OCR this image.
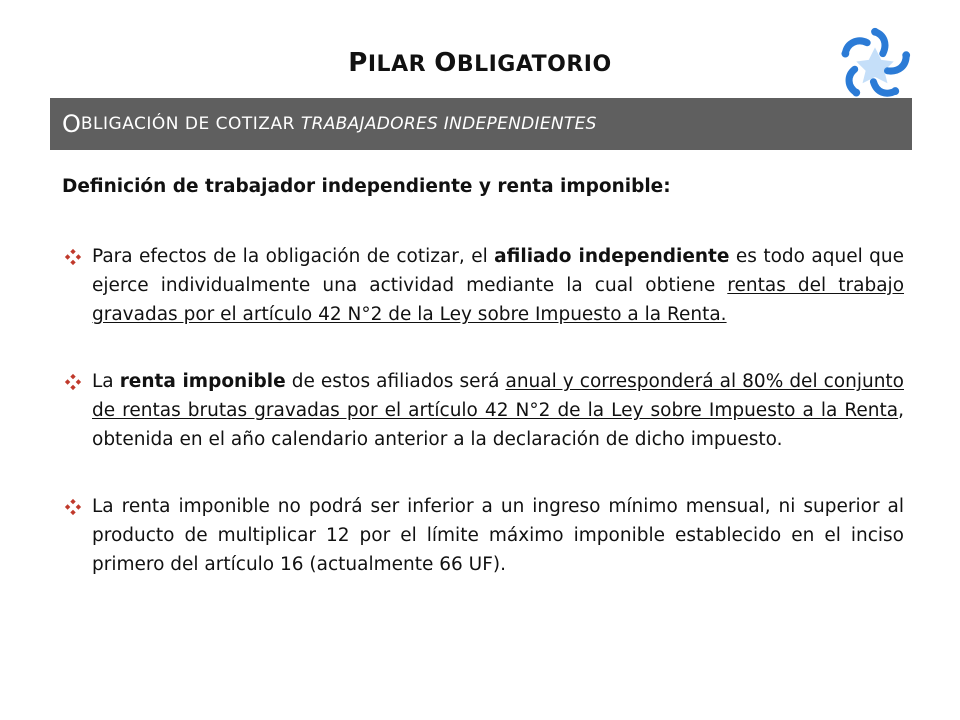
PILAR OBLIGATORIO
O BLIGACIÓN DE COTIZAR TRABAJADORES INDEPENDIENTES
Definición de trabajador independiente y renta imponible:

Para efectos de la obligación de cotizar, el afiliado independiente es todo aquel que ejerce individualmente una actividad mediante la cual obtiene rentas del trabajo gravadas por el artículo 42 N°2 de la Ley sobre Impuesto a la Renta.

La renta imponible de estos afiliados será anual y corresponderá al 80% del conjunto de rentas brutas gravadas por el artículo 42 N°2 de la Ley sobre Impuesto a la Renta, obtenida en el año calendario anterior a la declaración de dicho impuesto.

La renta imponible no podrá ser inferior a un ingreso mínimo mensual, ni superior al producto de multiplicar 12 por el límite máximo imponible establecido en el inciso primero del artículo 16 (actualmente 66 UF).
